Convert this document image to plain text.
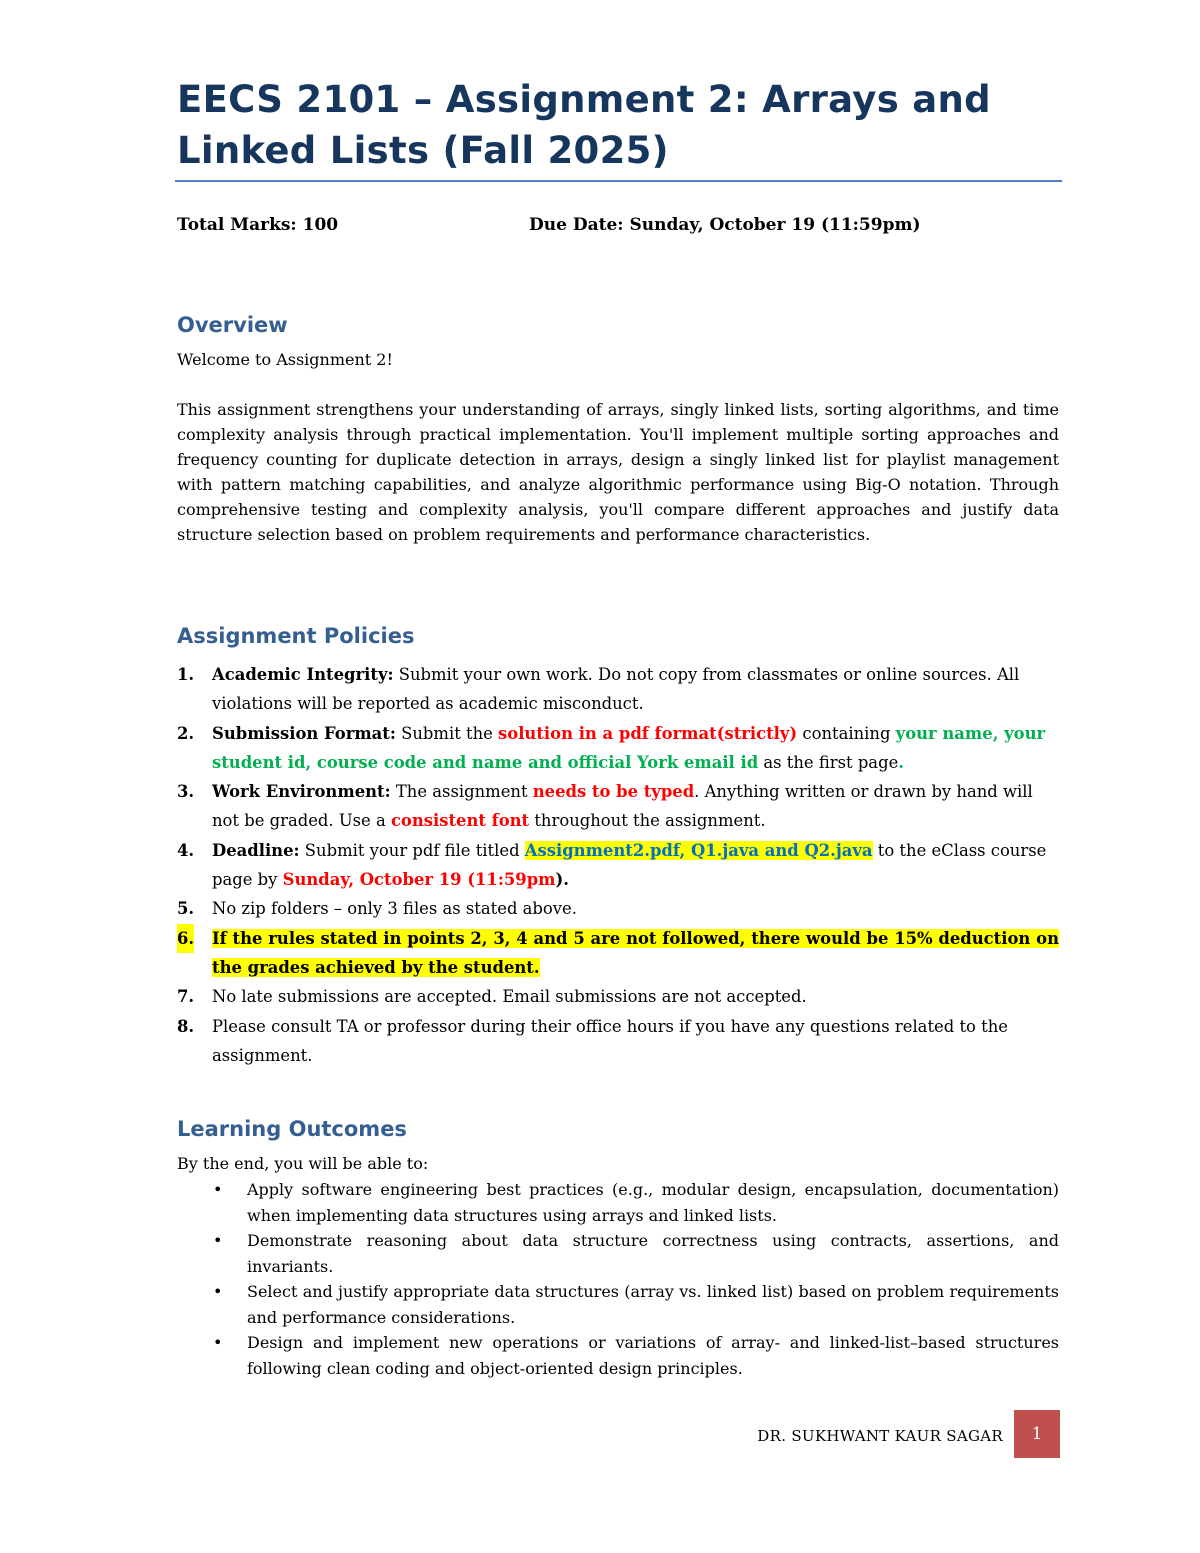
EECS 2101 – Assignment 2: Arrays and Linked Lists (Fall 2025)
Total Marks: 100	Due Date: Sunday, October 19 (11:59pm)
Overview

Welcome to Assignment 2!

This assignment strengthens your understanding of arrays, singly linked lists, sorting algorithms, and time complexity analysis through practical implementation. You'll implement multiple sorting approaches and frequency counting for duplicate detection in arrays, design a singly linked list for playlist management with pattern matching capabilities, and analyze algorithmic performance using Big-O notation. Through comprehensive testing and complexity analysis, you'll compare different approaches and justify data structure selection based on problem requirements and performance characteristics.

Assignment Policies
1. Academic Integrity: Submit your own work. Do not copy from classmates or online sources. All violations will be reported as academic misconduct.
2. Submission Format: Submit the solution in a pdf format(strictly) containing your name, your student id, course code and name and official York email id as the first page.
3. Work Environment: The assignment needs to be typed. Anything written or drawn by hand will not be graded. Use a consistent font throughout the assignment.
4. Deadline: Submit your pdf file titled Assignment2.pdf, Q1.java and Q2.java to the eClass course page by Sunday, October 19 (11:59pm).
5. No zip folders – only 3 files as stated above.
6. If the rules stated in points 2, 3, 4 and 5 are not followed, there would be 15% deduction on the grades achieved by the student.
7. No late submissions are accepted. Email submissions are not accepted.
8. Please consult TA or professor during their office hours if you have any questions related to the assignment.
Learning Outcomes

By the end, you will be able to:

• Apply software engineering best practices (e.g., modular design, encapsulation, documentation) when implementing data structures using arrays and linked lists.
• Demonstrate reasoning about data structure correctness using contracts, assertions, and invariants.
• Select and justify appropriate data structures (array vs. linked list) based on problem requirements and performance considerations.
• Design and implement new operations or variations of array- and linked-list–based structures following clean coding and object-oriented design principles.
DR. SUKHWANT KAUR SAGAR	1
